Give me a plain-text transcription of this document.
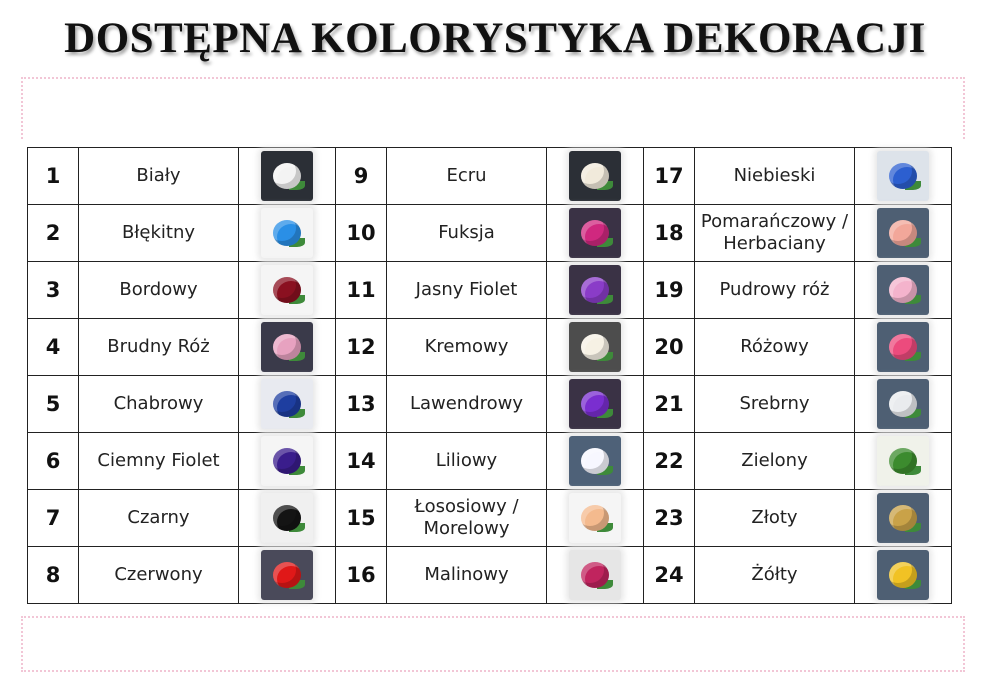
DOSTĘPNA KOLORYSTYKA DEKORACJI
1	Biały		9	Ecru		17	Niebieski	

2	Błękitny		10	Fuksja		18	Pomarańczowy / Herbaciany	

3	Bordowy		11	Jasny Fiolet		19	Pudrowy róż	

4	Brudny Róż		12	Kremowy		20	Różowy	

5	Chabrowy		13	Lawendrowy		21	Srebrny	

6	Ciemny Fiolet		14	Liliowy		22	Zielony	

7	Czarny		15	Łososiowy / Morelowy		23	Złoty	

8	Czerwony		16	Malinowy		24	Żółty	
